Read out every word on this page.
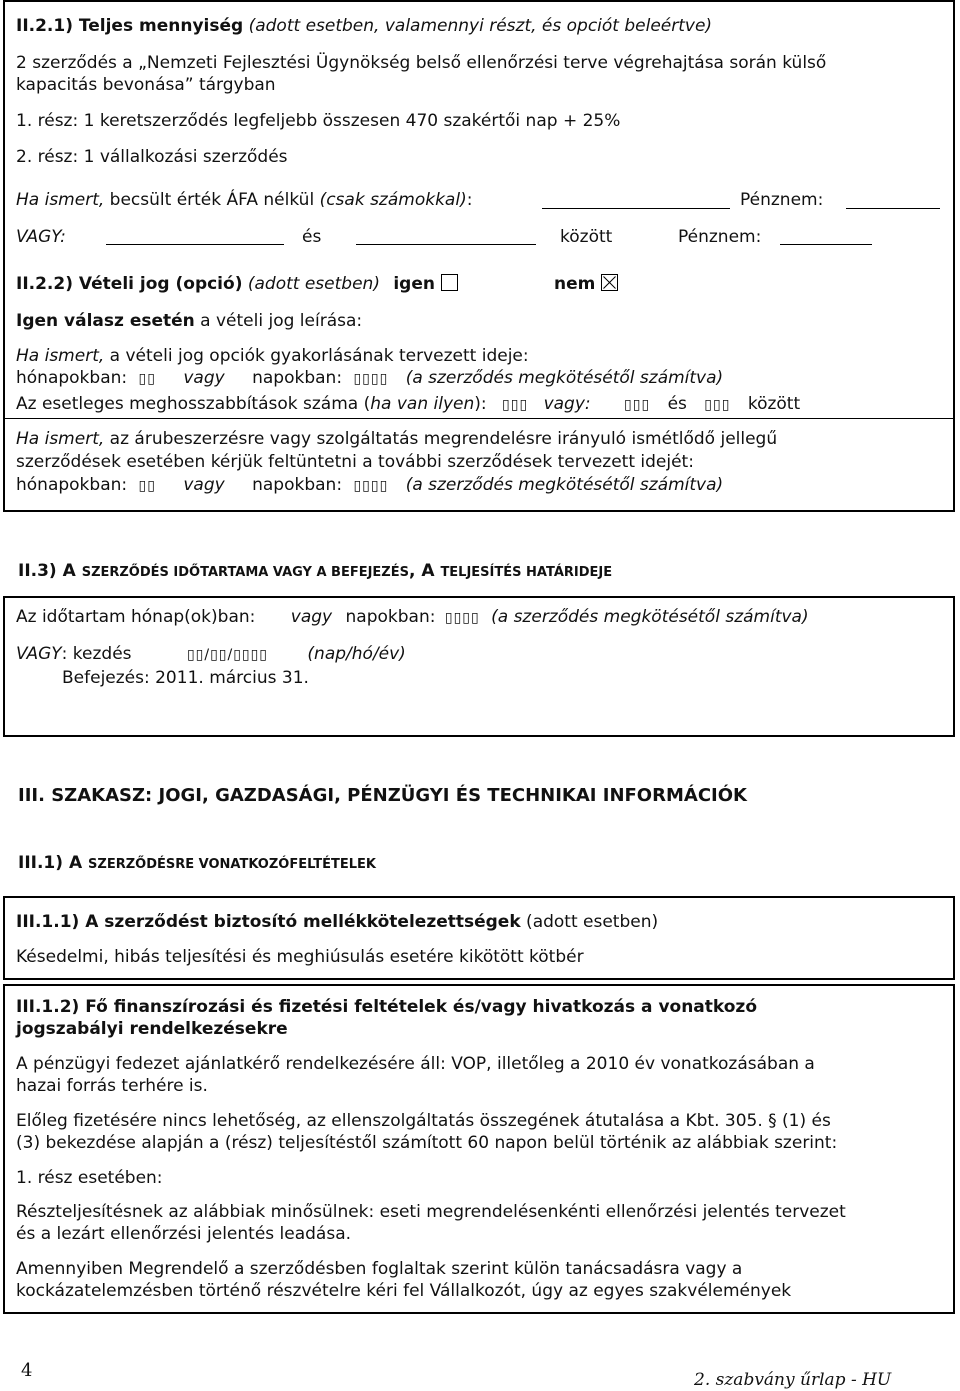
II.2.1) Teljes mennyiség (adott esetben, valamennyi részt, és opciót beleértve)
2 szerződés a „Nemzeti Fejlesztési Ügynökség belső ellenőrzési terve végrehajtása során külső
kapacitás bevonása” tárgyban
1. rész: 1 keretszerződés legfeljebb összesen 470 szakértői nap + 25%
2. rész: 1 vállalkozási szerződés
Ha ismert, becsült érték ÁFA nélkül (csak számokkal):	Pénznem:
VAGY:	és	között	Pénznem:
II.2.2) Vételi jog (opció) (adott esetben) igen	nem
Igen válasz esetén a vételi jog leírása:
Ha ismert, a vételi jog opciók gyakorlásának tervezett ideje:
hónapokban: ▯▯ vagy napokban: ▯▯▯▯ (a szerződés megkötésétől számítva)
Az esetleges meghosszabbítások száma (ha van ilyen): ▯▯▯ vagy: ▯▯▯ és ▯▯▯ között
Ha ismert, az árubeszerzésre vagy szolgáltatás megrendelésre irányuló ismétlődő jellegű
szerződések esetében kérjük feltüntetni a további szerződések tervezett idejét:
hónapokban: ▯▯ vagy napokban: ▯▯▯▯ (a szerződés megkötésétől számítva)
II.3) A SZERZŐDÉS IDŐTARTAMA VAGY A BEFEJEZÉS, A TELJESÍTÉS HATÁRIDEJE
Az időtartam hónap(ok)ban: vagy napokban: ▯▯▯▯ (a szerződés megkötésétől számítva)
VAGY: kezdés	▯▯/▯▯/▯▯▯▯ (nap/hó/év)
Befejezés: 2011. március 31.
III. SZAKASZ: JOGI, GAZDASÁGI, PÉNZÜGYI ÉS TECHNIKAI INFORMÁCIÓK
III.1) A SZERZŐDÉSRE VONATKOZÓFELTÉTELEK
III.1.1) A szerződést biztosító mellékkötelezettségek (adott esetben)
Késedelmi, hibás teljesítési és meghiúsulás esetére kikötött kötbér
III.1.2) Fő finanszírozási és fizetési feltételek és/vagy hivatkozás a vonatkozó
jogszabályi rendelkezésekre
A pénzügyi fedezet ajánlatkérő rendelkezésére áll: VOP, illetőleg a 2010 év vonatkozásában a
hazai forrás terhére is.
Előleg fizetésére nincs lehetőség, az ellenszolgáltatás összegének átutalása a Kbt. 305. § (1) és
(3) bekezdése alapján a (rész) teljesítéstől számított 60 napon belül történik az alábbiak szerint:
1. rész esetében:
Részteljesítésnek az alábbiak minősülnek: eseti megrendelésenkénti ellenőrzési jelentés tervezet
és a lezárt ellenőrzési jelentés leadása.
Amennyiben Megrendelő a szerződésben foglaltak szerint külön tanácsadásra vagy a
kockázatelemzésben történő részvételre kéri fel Vállalkozót, úgy az egyes szakvélemények
4	2. szabvány űrlap - HU
